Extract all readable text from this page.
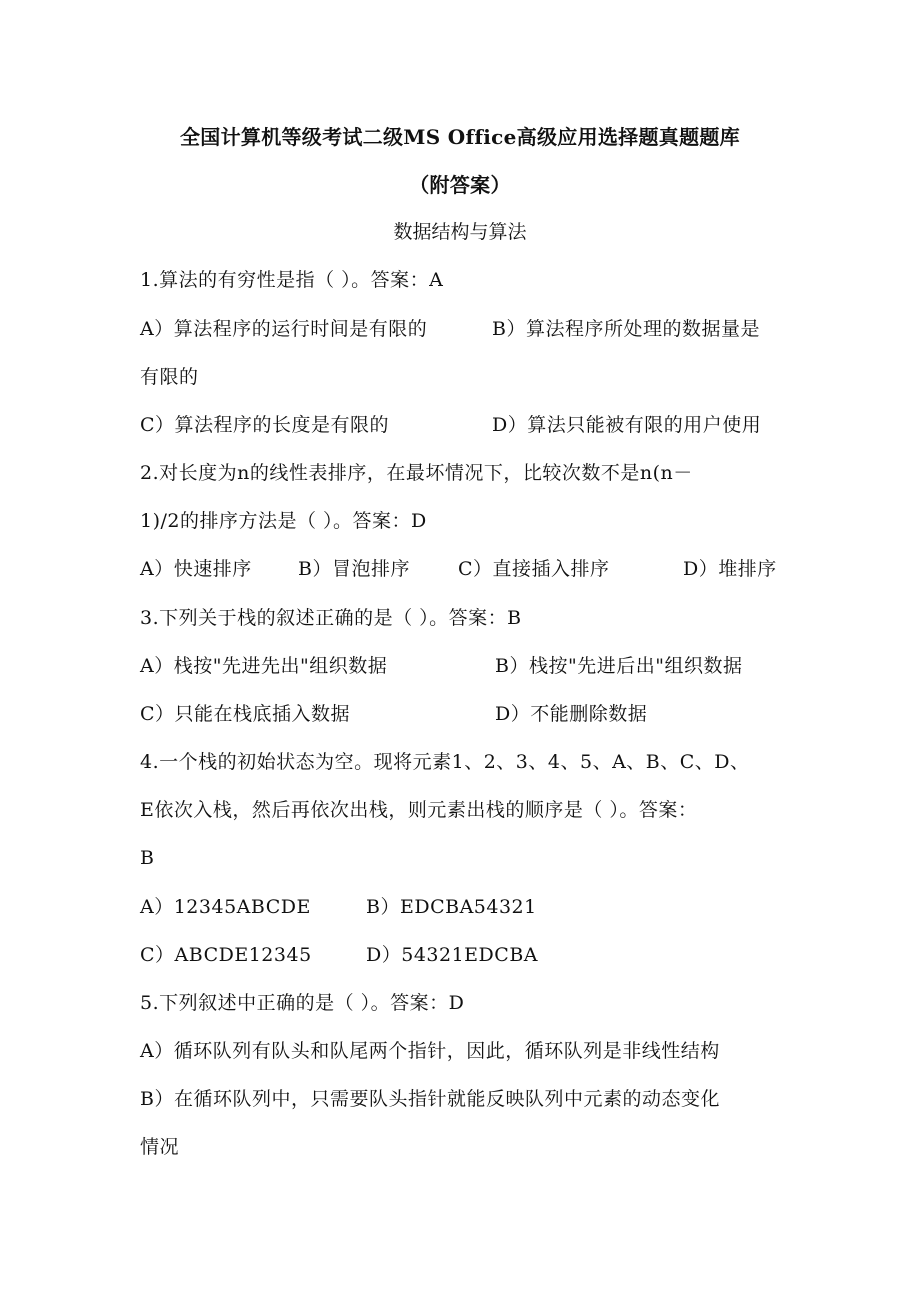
全国计算机等级考试二级MS Office高级应用选择题真题题库
（附答案）
数据结构与算法
1.算法的有穷性是指（ ）。答案：A
A）算法程序的运行时间是有限的	B）算法程序所处理的数据量是
有限的
C）算法程序的长度是有限的	D）算法只能被有限的用户使用
2.对长度为n的线性表排序，在最坏情况下，比较次数不是n(n－
1)/2的排序方法是（ ）。答案：D
A）快速排序 B）冒泡排序	C）直接插入排序	D）堆排序
3.下列关于栈的叙述正确的是（ ）。答案：B
A）栈按"先进先出"组织数据	B）栈按"先进后出"组织数据
C）只能在栈底插入数据	D）不能删除数据
4.一个栈的初始状态为空。现将元素1、2、3、4、5、A、B、C、D、
E依次入栈，然后再依次出栈，则元素出栈的顺序是（ ）。答案：
B
A）12345ABCDE	B）EDCBA54321
C）ABCDE12345	D）54321EDCBA
5.下列叙述中正确的是（ ）。答案：D
A）循环队列有队头和队尾两个指针，因此，循环队列是非线性结构
B）在循环队列中，只需要队头指针就能反映队列中元素的动态变化
情况
